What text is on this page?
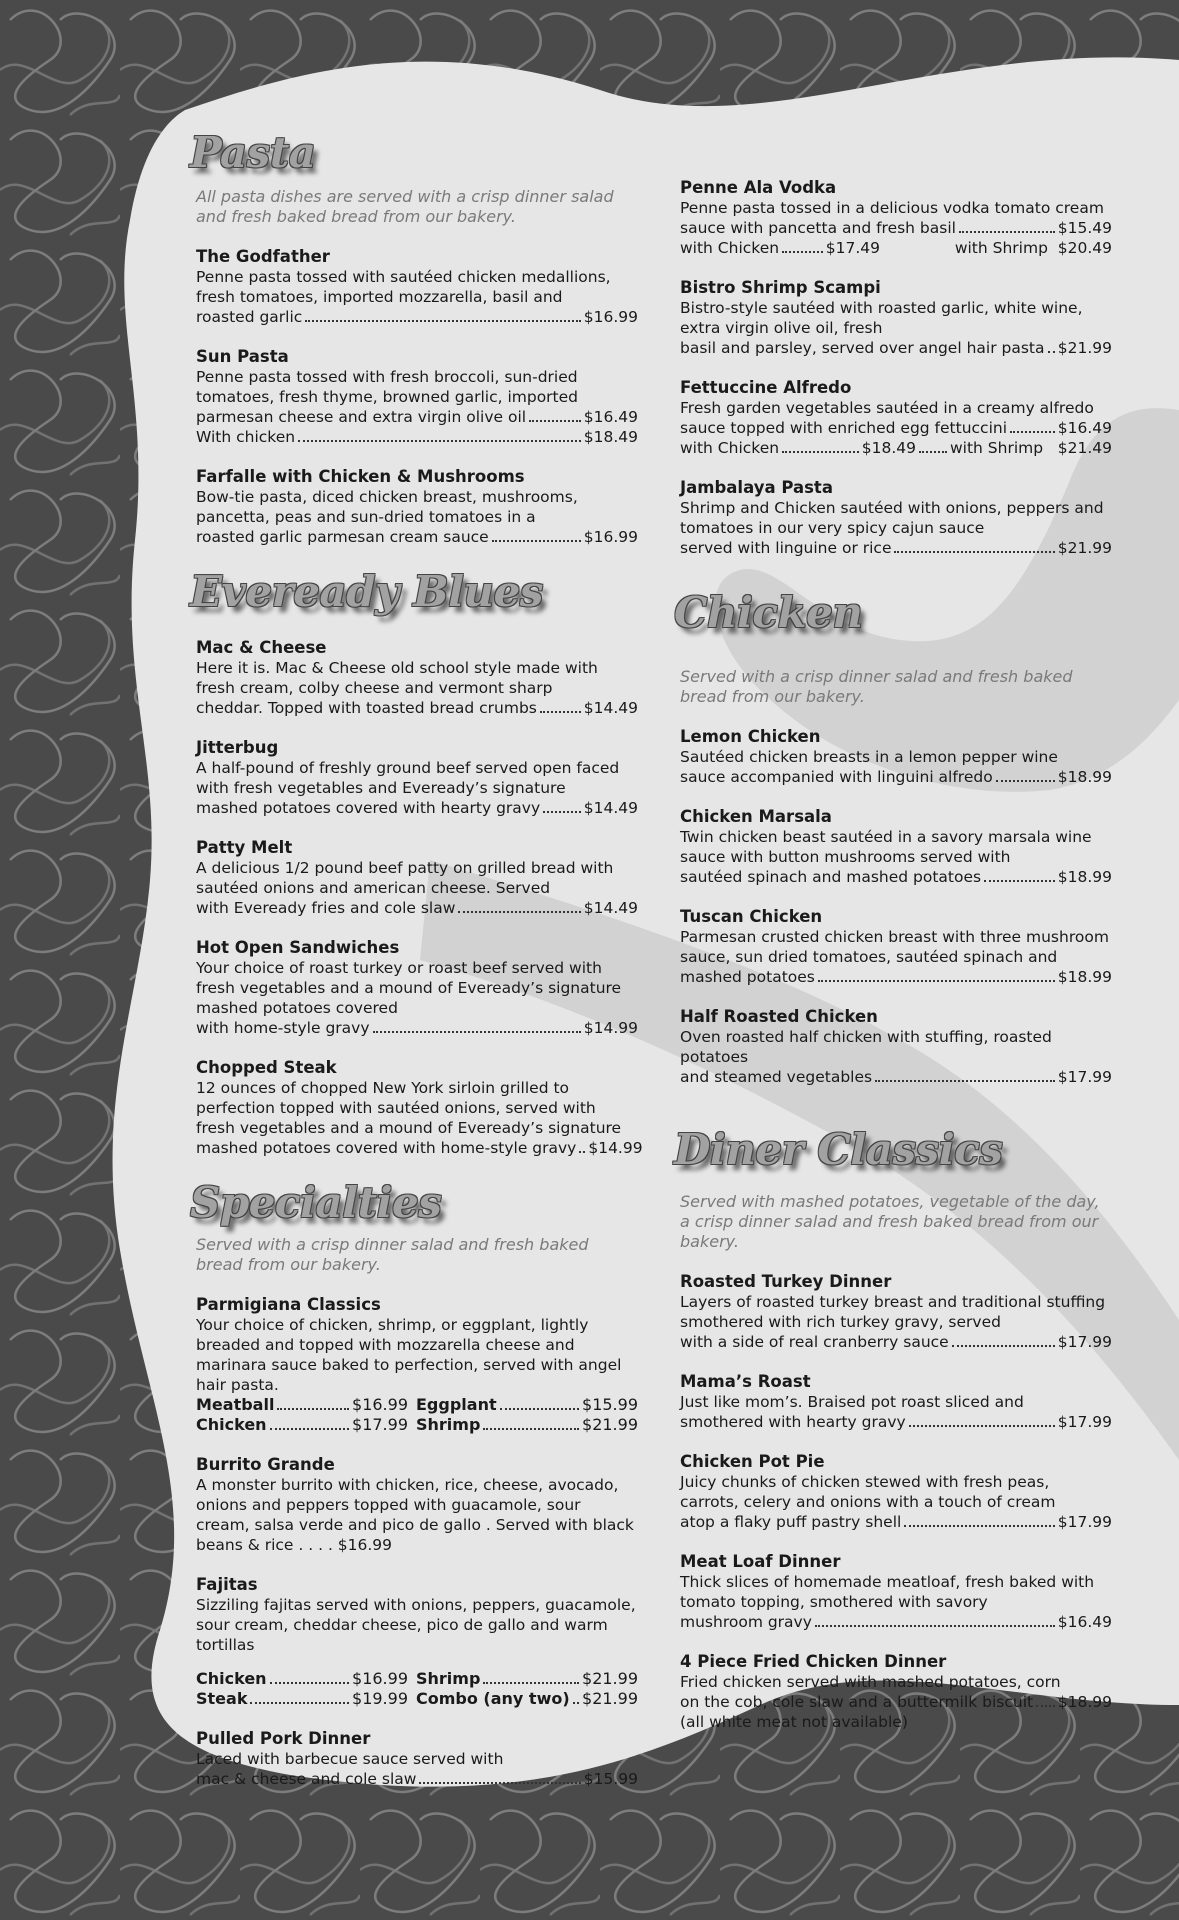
Pasta
All pasta dishes are served with a crisp dinner salad and fresh baked bread from our bakery.
The Godfather
Penne pasta tossed with sautéed chicken medallions, fresh tomatoes, imported mozzarella, basil and
roasted garlic	$16.99
Sun Pasta
Penne pasta tossed with fresh broccoli, sun-dried tomatoes, fresh thyme, browned garlic, imported
parmesan cheese and extra virgin olive oil	$16.49
With chicken	$18.49
Farfalle with Chicken & Mushrooms
Bow-tie pasta, diced chicken breast, mushrooms, pancetta, peas and sun-dried tomatoes in a
roasted garlic parmesan cream sauce	$16.99
Eveready Blues
Mac & Cheese
Here it is. Mac & Cheese old school style made with fresh cream, colby cheese and vermont sharp
cheddar. Topped with toasted bread crumbs	$14.49
Jitterbug
A half-pound of freshly ground beef served open faced with fresh vegetables and Eveready’s signature
mashed potatoes covered with hearty gravy	$14.49
Patty Melt
A delicious 1/2 pound beef patty on grilled bread with sautéed onions and american cheese. Served
with Eveready fries and cole slaw	$14.49
Hot Open Sandwiches
Your choice of roast turkey or roast beef served with fresh vegetables and a mound of Eveready’s signature mashed potatoes covered
with home-style gravy	$14.99
Chopped Steak
12 ounces of chopped New York sirloin grilled to perfection topped with sautéed onions, served with fresh vegetables and a mound of Eveready’s signature
mashed potatoes covered with home-style gravy $14.99
Specialties
Served with a crisp dinner salad and fresh baked bread from our bakery.
Parmigiana Classics
Your choice of chicken, shrimp, or eggplant, lightly breaded and topped with mozzarella cheese and marinara sauce baked to perfection, served with angel hair pasta.
Meatball	$16.99 Eggplant	$15.99
Chicken	$17.99 Shrimp	$21.99
Burrito Grande
A monster burrito with chicken, rice, cheese, avocado, onions and peppers topped with guacamole, sour cream, salsa verde and pico de gallo . Served with black beans & rice . . . . $16.99
Fajitas
Sizziling fajitas served with onions, peppers, guacamole, sour cream, cheddar cheese, pico de gallo and warm tortillas
Chicken	$16.99 Shrimp	$21.99
Steak	$19.99 Combo (any two) $21.99
Pulled Pork Dinner
Laced with barbecue sauce served with
mac & cheese and cole slaw	$15.99
Penne Ala Vodka
Penne pasta tossed in a delicious vodka tomato cream
sauce with pancetta and fresh basil	$15.49
with Chicken	$17.49	with Shrimp  $20.49
Bistro Shrimp Scampi
Bistro-style sautéed with roasted garlic, white wine, extra virgin olive oil, fresh
basil and parsley, served over angel hair pasta $21.99
Fettuccine Alfredo
Fresh garden vegetables sautéed in a creamy alfredo
sauce topped with enriched egg fettuccini	$16.49
with Chicken	$18.49 with Shrimp $21.49
Jambalaya Pasta
Shrimp and Chicken sautéed with onions, peppers and tomatoes in our very spicy cajun sauce
served with linguine or rice	$21.99
Chicken
Served with a crisp dinner salad and fresh baked bread from our bakery.
Lemon Chicken
Sautéed chicken breasts in a lemon pepper wine
sauce accompanied with linguini alfredo	$18.99
Chicken Marsala
Twin chicken beast sautéed in a savory marsala wine sauce with button mushrooms served with
sautéed spinach and mashed potatoes	$18.99
Tuscan Chicken
Parmesan crusted chicken breast with three mushroom sauce, sun dried tomatoes, sautéed spinach and
mashed potatoes	$18.99
Half Roasted Chicken
Oven roasted half chicken with stuffing, roasted potatoes
and steamed vegetables	$17.99
Diner Classics
Served with mashed potatoes, vegetable of the day, a crisp dinner salad and fresh baked bread from our bakery.
Roasted Turkey Dinner
Layers of roasted turkey breast and traditional stuffing smothered with rich turkey gravy, served
with a side of real cranberry sauce	$17.99
Mama’s Roast
Just like mom’s. Braised pot roast sliced and
smothered with hearty gravy	$17.99
Chicken Pot Pie
Juicy chunks of chicken stewed with fresh peas, carrots, celery and onions with a touch of cream
atop a flaky puff pastry shell	$17.99
Meat Loaf Dinner
Thick slices of homemade meatloaf, fresh baked with tomato topping, smothered with savory
mushroom gravy	$16.49
4 Piece Fried Chicken Dinner
Fried chicken served with mashed potatoes, corn
on the cob, cole slaw and a buttermilk biscuit $18.99
(all white meat not available)
